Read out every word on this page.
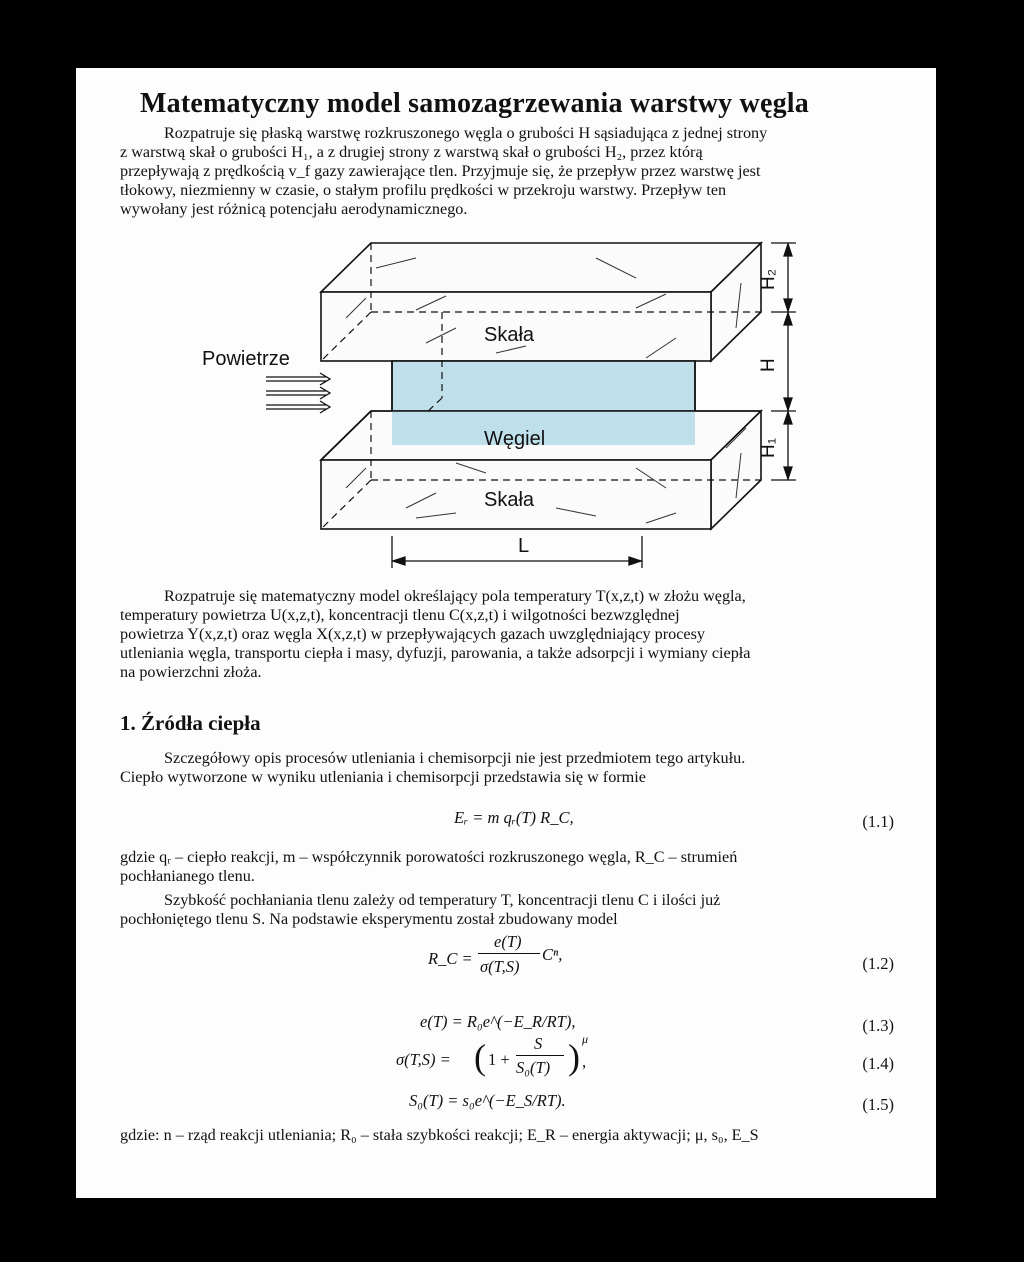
Matematyczny model samozagrzewania warstwy węgla

Rozpatruje się płaską warstwę rozkruszonego węgla o grubości H sąsiadująca z jednej strony
z warstwą skał o grubości H₁, a z drugiej strony z warstwą skał o grubości H₂, przez którą
przepływają z prędkością v_f gazy zawierające tlen. Przyjmuje się, że przepływ przez warstwę jest
tłokowy, niezmienny w czasie, o stałym profilu prędkości w przekroju warstwy. Przepływ ten
wywołany jest różnicą potencjału aerodynamicznego.

Skała
Węgiel
Skała
Powietrze
H₂
H
H₁
L

Rozpatruje się matematyczny model określający pola temperatury T(x,z,t) w złożu węgla,
temperatury powietrza U(x,z,t), koncentracji tlenu C(x,z,t) i wilgotności bezwzględnej
powietrza Y(x,z,t) oraz węgla X(x,z,t) w przepływających gazach uwzględniający procesy
utleniania węgla, transportu ciepła i masy, dyfuzji, parowania, a także adsorpcji i wymiany ciepła
na powierzchni złoża.

1. Źródła ciepła

Szczegółowy opis procesów utleniania i chemisorpcji nie jest przedmiotem tego artykułu.
Ciepło wytworzone w wyniku utleniania i chemisorpcji przedstawia się w formie

Eᵣ = m qᵣ(T) R_C,	(1.1)

gdzie qᵣ – ciepło reakcji, m – współczynnik porowatości rozkruszonego węgla, R_C – strumień
pochłanianego tlenu.

Szybkość pochłaniania tlenu zależy od temperatury T, koncentracji tlenu C i ilości już
pochłoniętego tlenu S. Na podstawie eksperymentu został zbudowany model

R_C =
e(T)
σ(T,S)
Cⁿ,	(1.2)
e(T) = R₀e^(−E_R/RT),	(1.3)
σ(T,S) = ( 1 +
S
S₀(T) ) μ
,	(1.4)
S₀(T) = s₀e^(−E_S/RT).	(1.5)

gdzie: n – rząd reakcji utleniania; R₀ – stała szybkości reakcji; E_R – energia aktywacji; μ, s₀, E_S
